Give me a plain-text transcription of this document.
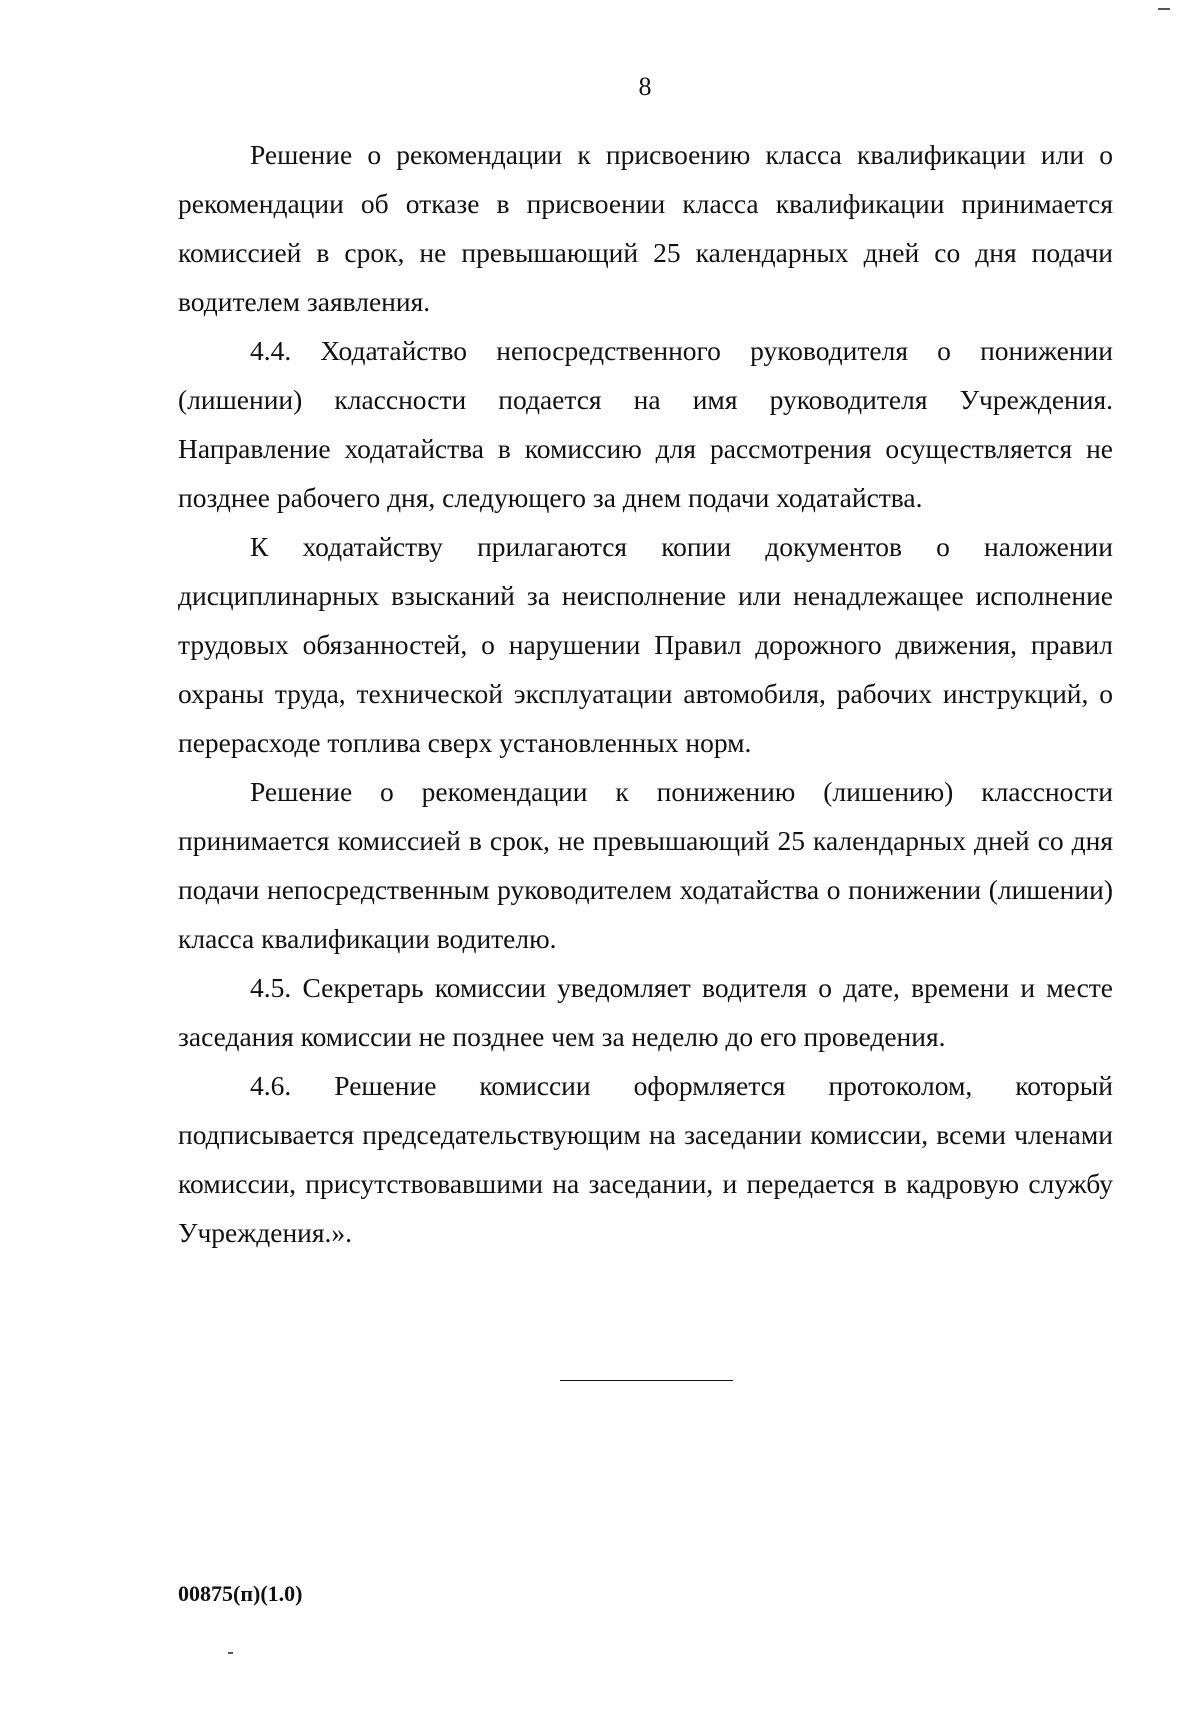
8

Решение о рекомендации к присвоению класса квалификации или о рекомендации об отказе в присвоении класса квалификации принимается комиссией в срок, не превышающий 25 календарных дней со дня подачи водителем заявления.

4.4. Ходатайство непосредственного руководителя о понижении (лишении) классности подается на имя руководителя Учреждения. Направление ходатайства в комиссию для рассмотрения осуществляется не позднее рабочего дня, следующего за днем подачи ходатайства.

К ходатайству прилагаются копии документов о наложении дисциплинарных взысканий за неисполнение или ненадлежащее исполнение трудовых обязанностей, о нарушении Правил дорожного движения, правил охраны труда, технической эксплуатации автомобиля, рабочих инструкций, о перерасходе топлива сверх установленных норм.

Решение о рекомендации к понижению (лишению) классности принимается комиссией в срок, не превышающий 25 календарных дней со дня подачи непосредственным руководителем ходатайства о понижении (лишении) класса квалификации водителю.

4.5. Секретарь комиссии уведомляет водителя о дате, времени и месте заседания комиссии не позднее чем за неделю до его проведения.

4.6. Решение комиссии оформляется протоколом, который подписывается председательствующим на заседании комиссии, всеми членами комиссии, присутствовавшими на заседании, и передается в кадровую службу Учреждения.».

00875(п)(1.0)
